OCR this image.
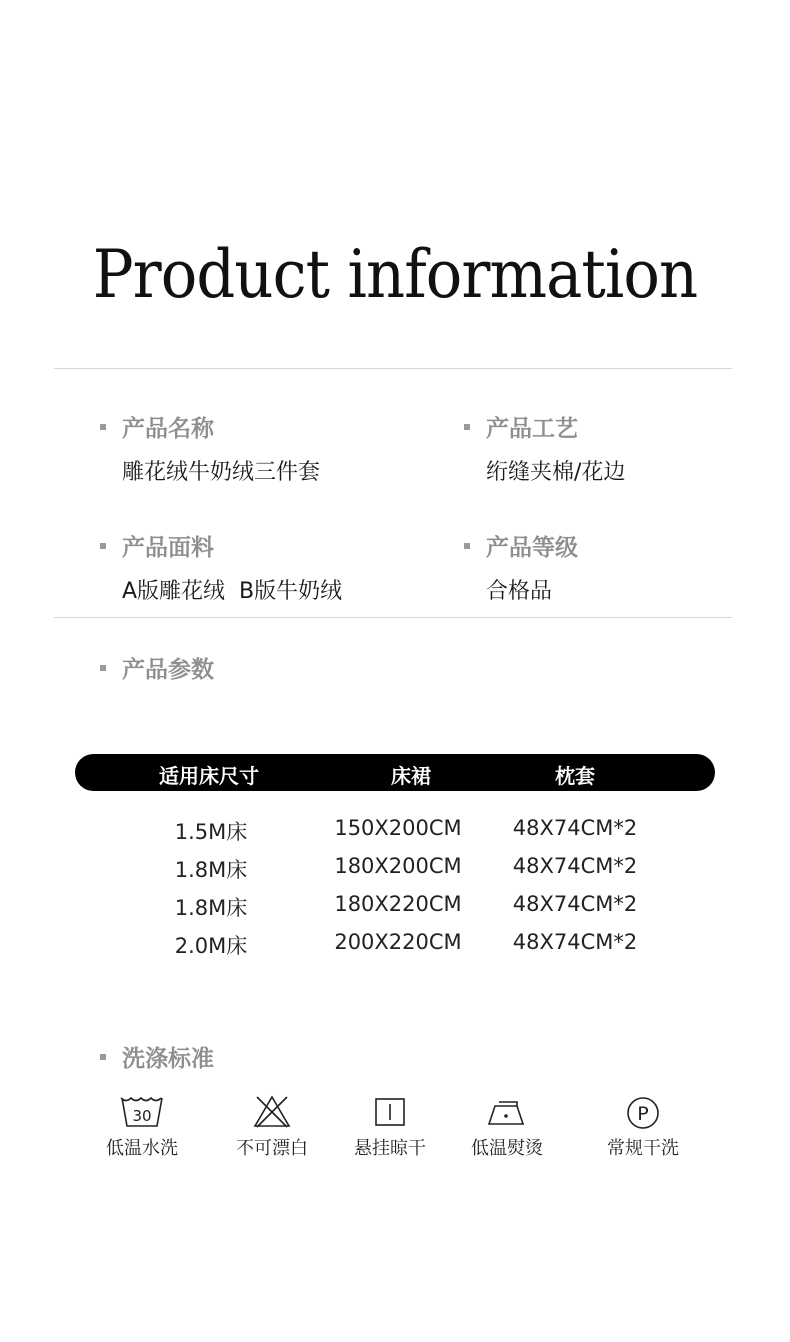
Product information
产品名称
雕花绒牛奶绒三件套
产品工艺
绗缝夹棉/花边
产品面料
A版雕花绒  B版牛奶绒
产品等级
合格品
产品参数
适用床尺寸	床裙	枕套
1.5M床	150X200CM 48X74CM*2
1.8M床	180X200CM 48X74CM*2
1.8M床	180X220CM 48X74CM*2
2.0M床	200X220CM 48X74CM*2
洗涤标准
30
低温水洗	不可漂白	悬挂晾干	低温熨烫
P
常规干洗
